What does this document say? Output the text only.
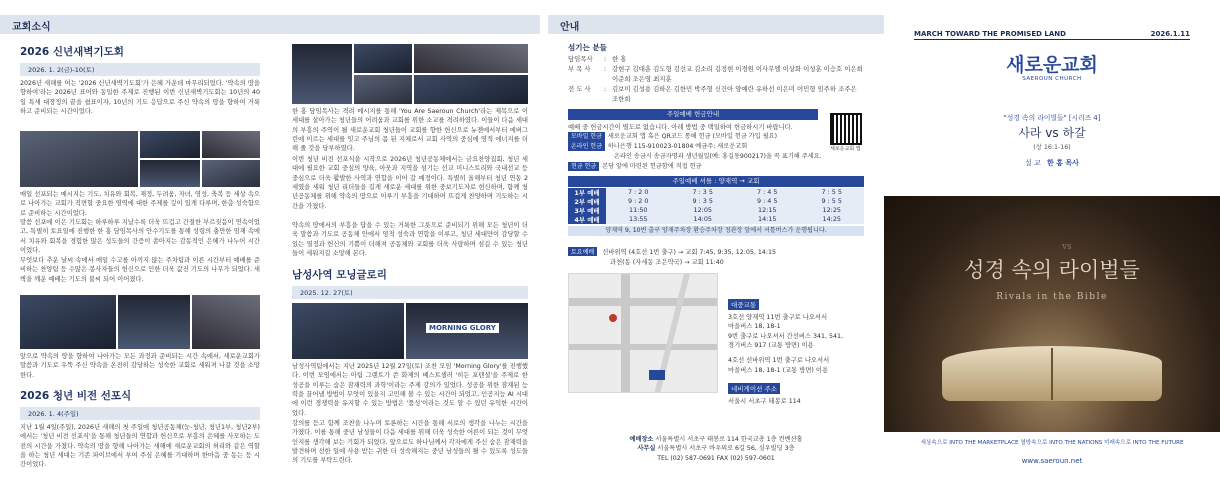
교회소식
2026 신년새벽기도회
2026. 1. 2(금)-10(토)

2026년 새해를 여는 '2026 신년새벽기도회'가 은혜 가운데 마무리되었다. '약속의 땅을 향하여'라는 2026년 표어와 동일한 주제로 진행된 이번 신년새벽기도회는 10년의 40일 특새 대장정의 끝을 쉼표이자, 10년의 기도 응답으로 주신 약속의 땅을 향하여 거룩하고 준비되는 시간이었다.

매일 선포되는 메시지는 기도, 치유와 회복, 재정, 두려움, 자녀, 영성, 축복 등 세상 속으로 나아가는 교회가 직면할 중요한 영역에 대한 주제를 깊이 있게 다루며, 한층 성숙함으로 준비하는 시간이었다.

말씀 선포에 이은 기도회는 하루하루 지났수록 더욱 뜨겁고 간절한 부르짖음이 연속이었고, 특별히 토요일에 진행한 한 홍 담임목사의 안수기도를 통해 성령의 충만한 임재 속에서 치유와 회복을 경험한 많은 성도들의 간증이 쏟아지는 감동적인 은혜가 나누어 시간이었다.

무엇보다 추운 날씨 속에서 매일 수고를 아끼지 않는 주차팀과 이른 시간부터 예배를 준비하는 찬양팀 등 수많은 봉사자들의 헌신으로 인한 더욱 값진 기도의 나무가 되었다. 새벽을 깨운 예배는 기도의 불씨 되어 이어졌다.

앞으로 약속의 땅을 향하여 나아가는 모든 과정과 준비되는 시간 속에서, 새로운교회가 말씀과 기도로 우뚝 주신 약속을 온전히 감당하는 성숙한 교회로 세워져 나갈 것을 소망한다.

2026 청년 비전 선포식
2026. 1. 4(주일)

지난 1월 4일(주일), 2026년 새해의 첫 주일에 청년공동체(눈-청년, 청년1부, 청년2부) 에서는 '청년 비전 선포식'을 통해 청년들의 연합과 헌신으로 부흥의 은혜를 사모하는 도전의 시간을 가졌다. 약속의 땅을 향해 나아가는 새해에 새로운교회의 허리와 같은 역할을 하는 청년 세대는 기존 파이브에서 부여 주심 은혜를 기대하며 한마음 중 동는 등 시간이었다.

한 홍 담임목사는 격려 메시지를 통해 'You Are Saeroun Church'라는 제목으로 이 세대를 살아가는 청년들의 어려움과 교회를 위한 소교를 격려하였다. 이들이 다음 세대의 부흥의 주역이 될 새로운교회 청년들이 교회를 향한 헌신으로 뉴젠에서부터 에버그린에 이르는 세대를 잇고 주님의 몸 된 지체로서 교회 사역의 중심에 영적 에너지를 더해 줄 것을 당부하였다.

이번 청년 비전 선포식을 시작으로 2026년 청년공동체에서는 금요찬양집회, 청년 세대에 필요한 교회 중심의 양육, 아웃과 지역을 섬기는 선교 미니스트리와 국내선교 등 중심으로 더욱 활발한 사역과 연합을 이어 갈 예정이다. 특별히 올해부터 청년 연동 2세였을 세워 청년 리더들을 길게 새로운 세대를 위한 중보기도자로 헌신하며, 함께 청년공동체를 위해 약속의 땅으로 이루기 부흥을 기대하며 뜨겁게 찬양하며 기도하는 시간을 가졌다.

약속의 땅에서의 부흥을 답을 수 있는 거룩한 그릇으로 준비되기 위해 모든 청년이 더욱 말씀과 기도로 공동체 안에서 영적 성숙과 연합을 이루고, 청년 세대만이 감당할 수 있는 열정과 헌신의 기쁨이 더해져 공동체와 교회를 더욱 사랑하며 섬길 수 있는 청년들이 세워지길 소망해 본다.

남성사역 모닝글로리
2025. 12. 27(토)
MORNING GLORY

남성사역팀에서는 지난 2025년 12월 27일(토) 조찬 모임 'Morning Glory'를 진행했다. 이번 모임에서는 아팀 그랜트가 쓴 화제의 베스트셀러 '히든 포텐셜'을 주제로 한 성공을 이루는 숨은 잠재력의 과학'이라는 주제 강의가 있었다. 성공을 위한 잠재된 능력을 끌어낼 방법이 무엇이 있을지 고민해 볼 수 있는 시간이 되었고, 인공지능 AI 시대에 이런 경쟁력을 유지할 수 있는 방법은 '품성'이라는 것도 알 수 있던 유익한 시간이었다.

강의를 듣고 함께 조찬을 나누며 토론하는 시간을 통해 서로의 생각을 나누는 시간을 가졌다. 이를 통해 중년 남성들이 다음 세대를 위해 더욱 성숙한 어른이 되는 것이 무엇인지를 생각해 보는 기회가 되었다. 앞으로도 하나님께서 각자에게 주신 숨은 잠재력을 발견하며 선한 일에 사용 받는 귀한 더 성숙해지는 중년 남성들의 될 수 있도록 성도들의 기도를 부탁드린다.

안내
섬기는 분들
담임목사	: 한 홍
부 목 사	: 강현구 김대훈 김도형 김선교 김소리 김정현 이경원 이사무엘 이상화 이성훈 이승호 이은희 이준희 조은영 최지훈
전 도 사	: 김보미 김성용 김하은 김한민 박주형 신건아 양예란 유하선 이은미 이민형 임주하 조주은 조한희
주일예배 헌금안내

예배 중 헌금시간이 별도로 없습니다. 아래 방법 중 택일하여 헌금하시기 바랍니다.

모바일 헌금 새로운교회 앱 혹은 QR코드 통해 헌금 (모바일 헌금 가입 필요)
온라인 헌금 하나은행 115-910023-01804 예금주: 새로운교회
온라인 송금시 송금자명과 생년월일(예: 홍길동900217)을 꼭 표기해 주세요.
현금 헌금 본당 앞에 마련된 헌금함에 직접 헌금
새로운교회 앱
주일예배 셔틀 : 양재역 → 교회
1부 예배	7 : 2 0	7 : 3 5	7 : 4 5	7 : 5 5
2부 예배	9 : 2 0	9 : 3 5	9 : 4 5	9 : 5 5
3부 예배	11:50	12:05	12:15	12:25
4부 예배	13:55	14:05	14:15	14:25
양재역 9, 10번 출구 양재주차장 환승주차장 정관장 앞에서 셔틀버스가 운행됩니다.
토요예배 선바위역 (4호선 1번 출구) → 교회 7:45, 9:35, 12:05, 14:15
과천(동 (자세동 조은약국) → 교회 11:40
대중교통
3호선 양재역 11번 출구로 나오셔서
마을버스 18, 18-1
9번 출구로 나오셔서 간선버스 341, 541,
경기버스 917 (교통 방면) 이용
4호선 선바위역 1번 출구로 나오셔서
마을버스 18, 18-1 (교통 방면) 이용
네비게이션 주소
서울시 서초구 태봉로 114
예배장소 서울특별시 서초구 태봉로 114 한국교총 1층 컨벤션홀
사무실 서울특별시 서초구 바우뫼로 6길 56, 심우빌딩 3층
TEL (02) 587-0691 FAX (02) 597-0601
MARCH TOWARD THE PROMISED LAND	2026.1.11
새로운교회
SAEROUN CHURCH
"성경 속의 라이벌들" [시리즈 4]
사라 vs 하갈
(창 16:1-16)
설 교 한 홍 목사
vs
성경 속의 라이벌들
Rivals in the Bible
세상속으로 INTO THE MARKETPLACE 열방속으로 INTO THE NATIONS 미래속으로 INTO THE FUTURE
www.saeroun.net
